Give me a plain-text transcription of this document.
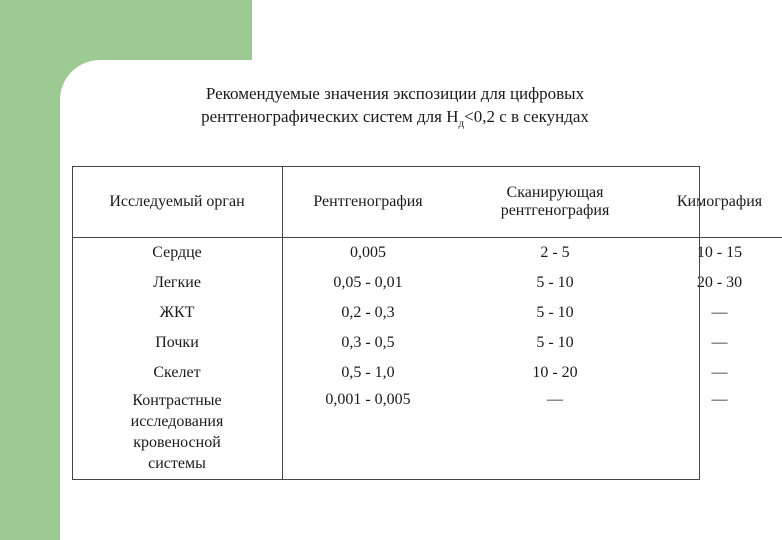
Рекомендуемые значения экспозиции для цифровых
рентгенографических систем для $H_д<0,2$ с в секундах
Исследуемый орган	Рентгенография	Сканирующая рентгенография	Кимография
Сердце	0,005	2 - 5	10 - 15
Легкие	0,05 - 0,01	5 - 10	20 - 30
ЖКТ	0,2 - 0,3	5 - 10	—
Почки	0,3 - 0,5	5 - 10	—
Скелет	0,5 - 1,0	10 - 20	—
Контрастные исследования кровеносной системы	0,001 - 0,005	—	—
